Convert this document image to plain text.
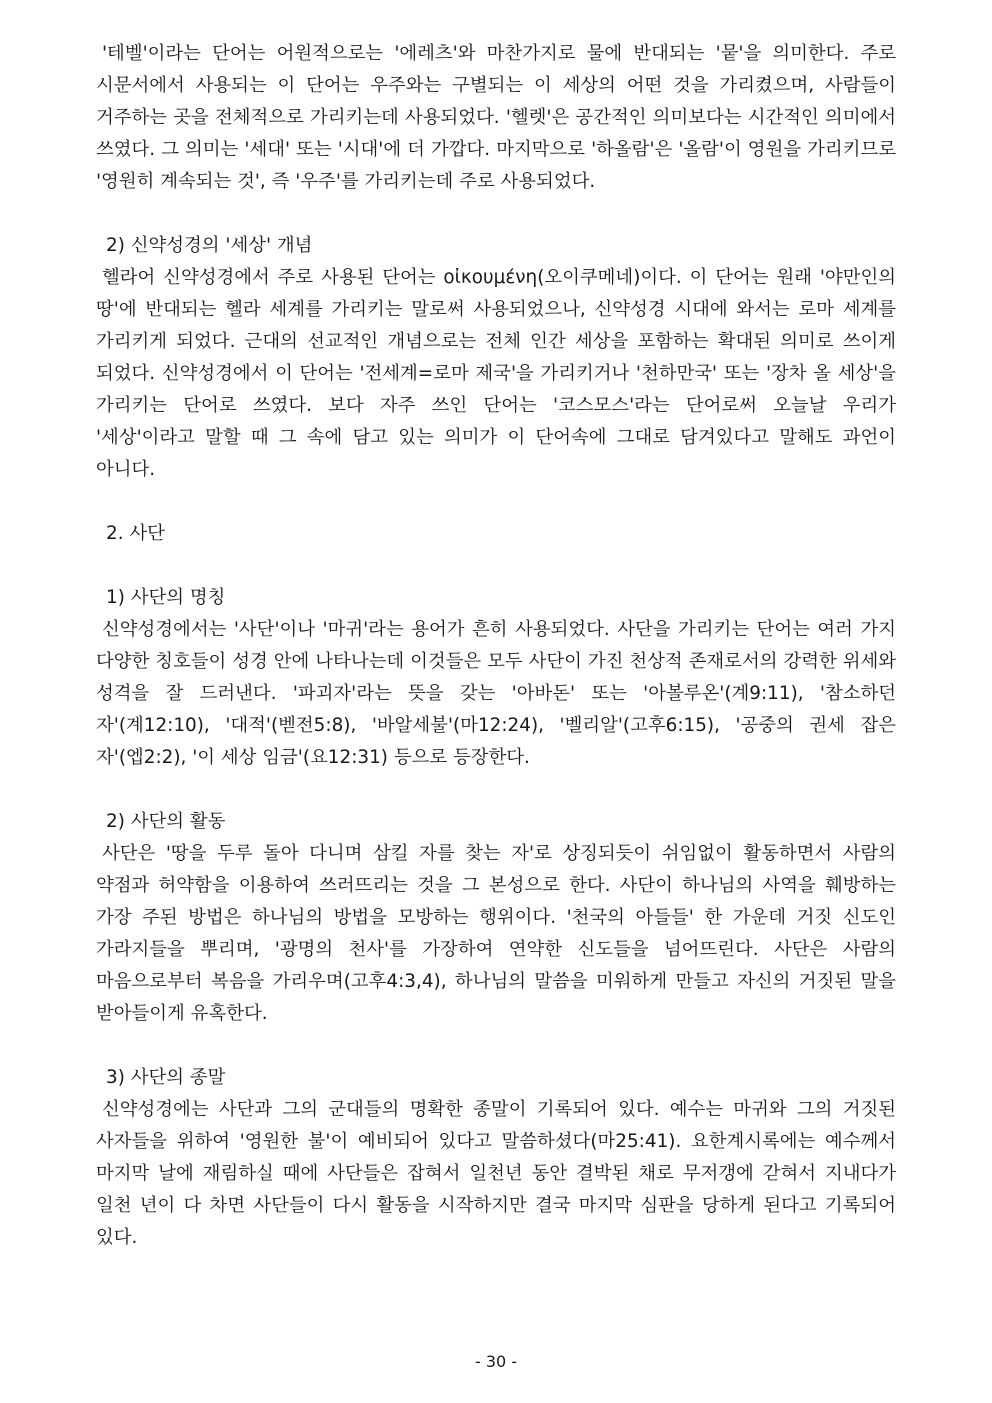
'테벨'이라는 단어는 어원적으로는 '에레츠'와 마찬가지로 물에 반대되는 '뭍'을 의미한다. 주로 시문서에서 사용되는 이 단어는 우주와는 구별되는 이 세상의 어떤 것을 가리켰으며, 사람들이 거주하는 곳을 전체적으로 가리키는데 사용되었다. '헬렛'은 공간적인 의미보다는 시간적인 의미에서 쓰였다. 그 의미는 '세대' 또는 '시대'에 더 가깝다. 마지막으로 '하올람'은 '올람'이 영원을 가리키므로 '영원히 계속되는 것', 즉 '우주'를 가리키는데 주로 사용되었다.

2) 신약성경의 '세상' 개념

헬라어 신약성경에서 주로 사용된 단어는 οἰκουμένη(오이쿠메네)이다. 이 단어는 원래 '야만인의 땅'에 반대되는 헬라 세계를 가리키는 말로써 사용되었으나, 신약성경 시대에 와서는 로마 세계를 가리키게 되었다. 근대의 선교적인 개념으로는 전체 인간 세상을 포함하는 확대된 의미로 쓰이게 되었다. 신약성경에서 이 단어는 '전세계=로마 제국'을 가리키거나 '천하만국' 또는 '장차 올 세상'을 가리키는 단어로 쓰였다. 보다 자주 쓰인 단어는 '코스모스'라는 단어로써 오늘날 우리가 '세상'이라고 말할 때 그 속에 담고 있는 의미가 이 단어속에 그대로 담겨있다고 말해도 과언이 아니다.

2. 사단
1) 사단의 명칭

신약성경에서는 '사단'이나 '마귀'라는 용어가 흔히 사용되었다. 사단을 가리키는 단어는 여러 가지 다양한 칭호들이 성경 안에 나타나는데 이것들은 모두 사단이 가진 천상적 존재로서의 강력한 위세와 성격을 잘 드러낸다. '파괴자'라는 뜻을 갖는 '아바돈' 또는 '아볼루온'(계9:11), '참소하던 자'(계12:10), '대적'(벧전5:8), '바알세불'(마12:24), '벨리알'(고후6:15), '공중의 권세 잡은 자'(엡2:2), '이 세상 임금'(요12:31) 등으로 등장한다.

2) 사단의 활동

사단은 '땅을 두루 돌아 다니며 삼킬 자를 찾는 자'로 상징되듯이 쉬임없이 활동하면서 사람의 약점과 허약함을 이용하여 쓰러뜨리는 것을 그 본성으로 한다. 사단이 하나님의 사역을 훼방하는 가장 주된 방법은 하나님의 방법을 모방하는 행위이다. '천국의 아들들' 한 가운데 거짓 신도인 가라지들을 뿌리며, '광명의 천사'를 가장하여 연약한 신도들을 넘어뜨린다. 사단은 사람의 마음으로부터 복음을 가리우며(고후4:3,4), 하나님의 말씀을 미워하게 만들고 자신의 거짓된 말을 받아들이게 유혹한다.

3) 사단의 종말

신약성경에는 사단과 그의 군대들의 명확한 종말이 기록되어 있다. 예수는 마귀와 그의 거짓된 사자들을 위하여 '영원한 불'이 예비되어 있다고 말씀하셨다(마25:41). 요한계시록에는 예수께서 마지막 날에 재림하실 때에 사단들은 잡혀서 일천년 동안 결박된 채로 무저갱에 갇혀서 지내다가 일천 년이 다 차면 사단들이 다시 활동을 시작하지만 결국 마지막 심판을 당하게 된다고 기록되어 있다.

- 30 -
